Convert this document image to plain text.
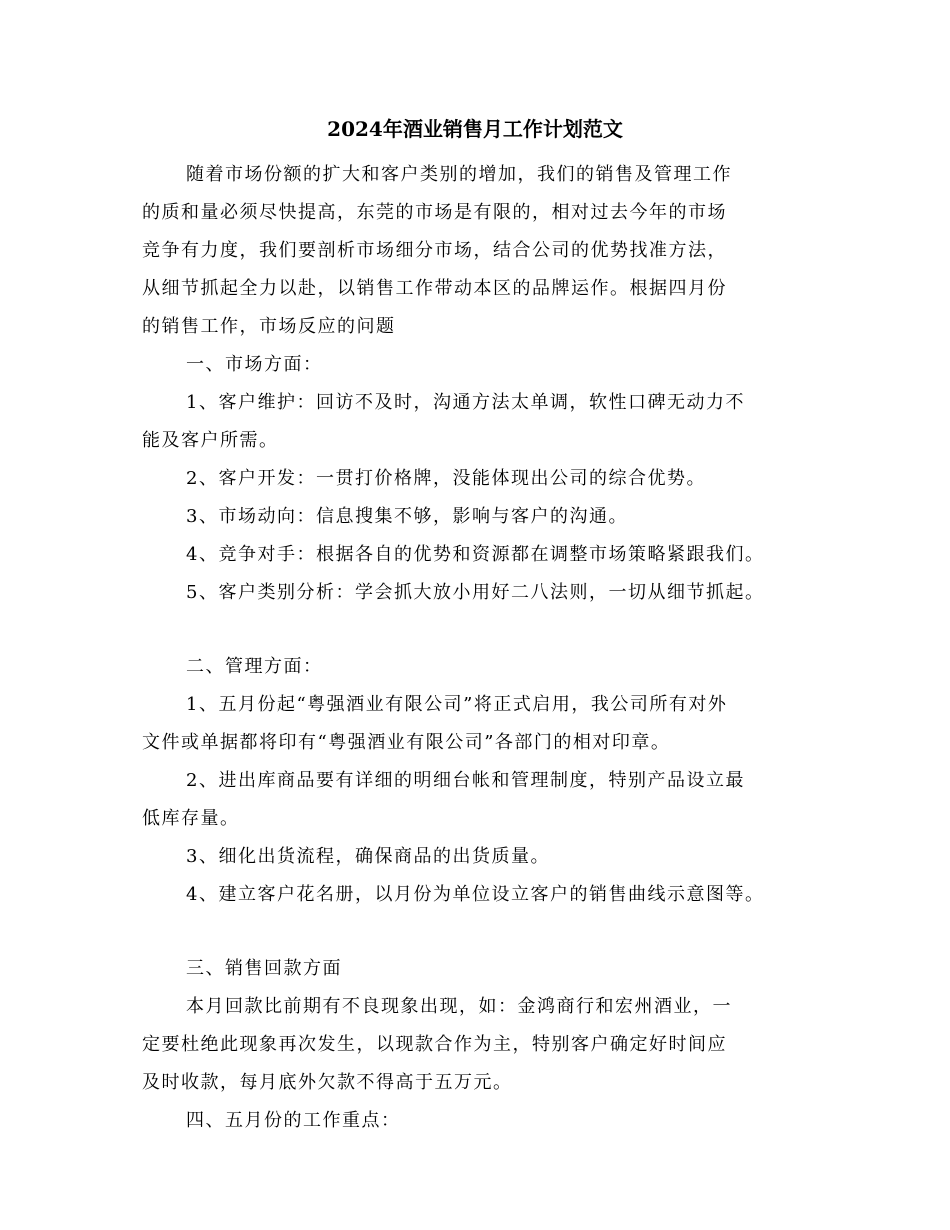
2024年酒业销售月工作计划范文

随着市场份额的扩大和客户类别的增加，我们的销售及管理工作
的质和量必须尽快提高，东莞的市场是有限的，相对过去今年的市场
竞争有力度，我们要剖析市场细分市场，结合公司的优势找准方法，
从细节抓起全力以赴，以销售工作带动本区的品牌运作。根据四月份
的销售工作，市场反应的问题

一、市场方面：

1、客户维护：回访不及时，沟通方法太单调，软性口碑无动力不
能及客户所需。

2、客户开发：一贯打价格牌，没能体现出公司的综合优势。

3、市场动向：信息搜集不够，影响与客户的沟通。

4、竞争对手：根据各自的优势和资源都在调整市场策略紧跟我们。

5、客户类别分析：学会抓大放小用好二八法则，一切从细节抓起。

二、管理方面：

1、五月份起“粤强酒业有限公司”将正式启用，我公司所有对外
文件或单据都将印有“粤强酒业有限公司”各部门的相对印章。

2、进出库商品要有详细的明细台帐和管理制度，特别产品设立最
低库存量。

3、细化出货流程，确保商品的出货质量。

4、建立客户花名册，以月份为单位设立客户的销售曲线示意图等。

三、销售回款方面

本月回款比前期有不良现象出现，如：金鸿商行和宏州酒业，一
定要杜绝此现象再次发生，以现款合作为主，特别客户确定好时间应
及时收款，每月底外欠款不得高于五万元。

四、五月份的工作重点：
